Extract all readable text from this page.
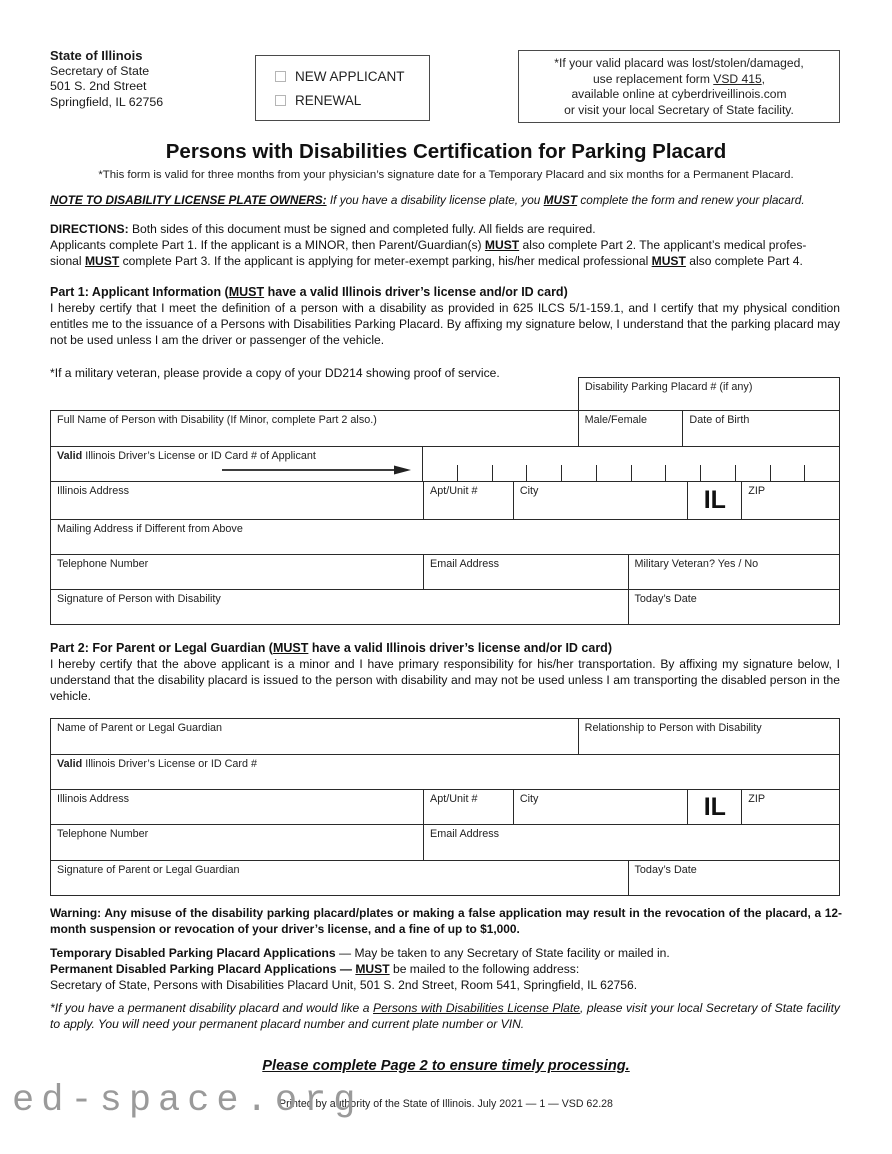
State of Illinois
Secretary of State
501 S. 2nd Street
Springfield, IL 62756
NEW APPLICANT
RENEWAL
*If your valid placard was lost/stolen/damaged,
use replacement form VSD 415,
available online at cyberdriveillinois.com
or visit your local Secretary of State facility.
Persons with Disabilities Certification for Parking Placard
*This form is valid for three months from your physician’s signature date for a Temporary Placard and six months for a Permanent Placard.
NOTE TO DISABILITY LICENSE PLATE OWNERS: If you have a disability license plate, you MUST complete the form and renew your placard.
DIRECTIONS: Both sides of this document must be signed and completed fully. All fields are required.
Applicants complete Part 1. If the applicant is a MINOR, then Parent/Guardian(s) MUST also complete Part 2. The applicant’s medical profes-
sional MUST complete Part 3. If the applicant is applying for meter-exempt parking, his/her medical professional MUST also complete Part 4.
Part 1: Applicant Information (MUST have a valid Illinois driver’s license and/or ID card)
I hereby certify that I meet the definition of a person with a disability as provided in 625 ILCS 5/1-159.1, and I certify that my physical condition entitles me to the issuance of a Persons with Disabilities Parking Placard. By affixing my signature below, I understand that the parking placard may not be used unless I am the driver or passenger of the vehicle.
*If a military veteran, please provide a copy of your DD214 showing proof of service.
Disability Parking Placard # (if any)
Full Name of Person with Disability (If Minor, complete Part 2 also.)	Male/Female	Date of Birth
Valid Illinois Driver’s License or ID Card # of Applicant
Illinois Address	Apt/Unit #	City	IL	ZIP
Mailing Address if Different from Above
Telephone Number	Email Address	Military Veteran? Yes / No
Signature of Person with Disability	Today’s Date
Part 2: For Parent or Legal Guardian (MUST have a valid Illinois driver’s license and/or ID card)
I hereby certify that the above applicant is a minor and I have primary responsibility for his/her transportation. By affixing my signature below, I understand that the disability placard is issued to the person with disability and may not be used unless I am transporting the disabled person in the vehicle.
Name of Parent or Legal Guardian	Relationship to Person with Disability
Valid Illinois Driver’s License or ID Card #
Illinois Address	Apt/Unit #	City	IL	ZIP
Telephone Number	Email Address
Signature of Parent or Legal Guardian	Today’s Date
Warning: Any misuse of the disability parking placard/plates or making a false application may result in the revocation of the placard, a 12-month suspension or revocation of your driver’s license, and a fine of up to $1,000.
Temporary Disabled Parking Placard Applications — May be taken to any Secretary of State facility or mailed in.
Permanent Disabled Parking Placard Applications — MUST be mailed to the following address:
Secretary of State, Persons with Disabilities Placard Unit, 501 S. 2nd Street, Room 541, Springfield, IL 62756.
*If you have a permanent disability placard and would like a Persons with Disabilities License Plate, please visit your local Secretary of State facility to apply. You will need your permanent placard number and current plate number or VIN.
Please complete Page 2 to ensure timely processing.
Printed by authority of the State of Illinois. July 2021 — 1 — VSD 62.28
ed-space.org
